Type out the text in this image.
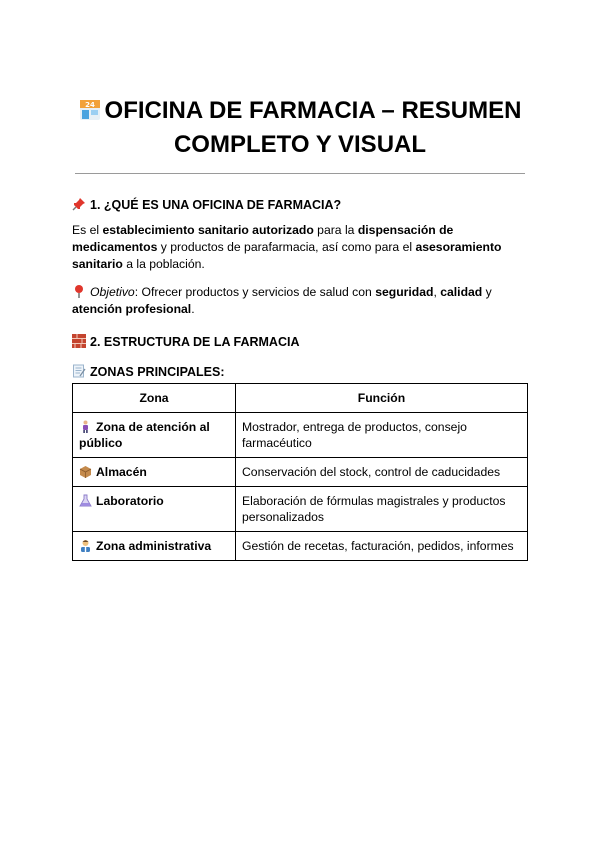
24 OFICINA DE FARMACIA – RESUMEN
COMPLETO Y VISUAL
1. ¿QUÉ ES UNA OFICINA DE FARMACIA?

Es el establecimiento sanitario autorizado para la dispensación de medicamentos y productos de parafarmacia, así como para el asesoramiento sanitario a la población.

Objetivo: Ofrecer productos y servicios de salud con seguridad, calidad y atención profesional.

2. ESTRUCTURA DE LA FARMACIA
ZONAS PRINCIPALES:
Zona	Función
Zona de atención al público	Mostrador, entrega de productos, consejo farmacéutico
Almacén	Conservación del stock, control de caducidades
Laboratorio	Elaboración de fórmulas magistrales y productos personalizados
Zona administrativa	Gestión de recetas, facturación, pedidos, informes
